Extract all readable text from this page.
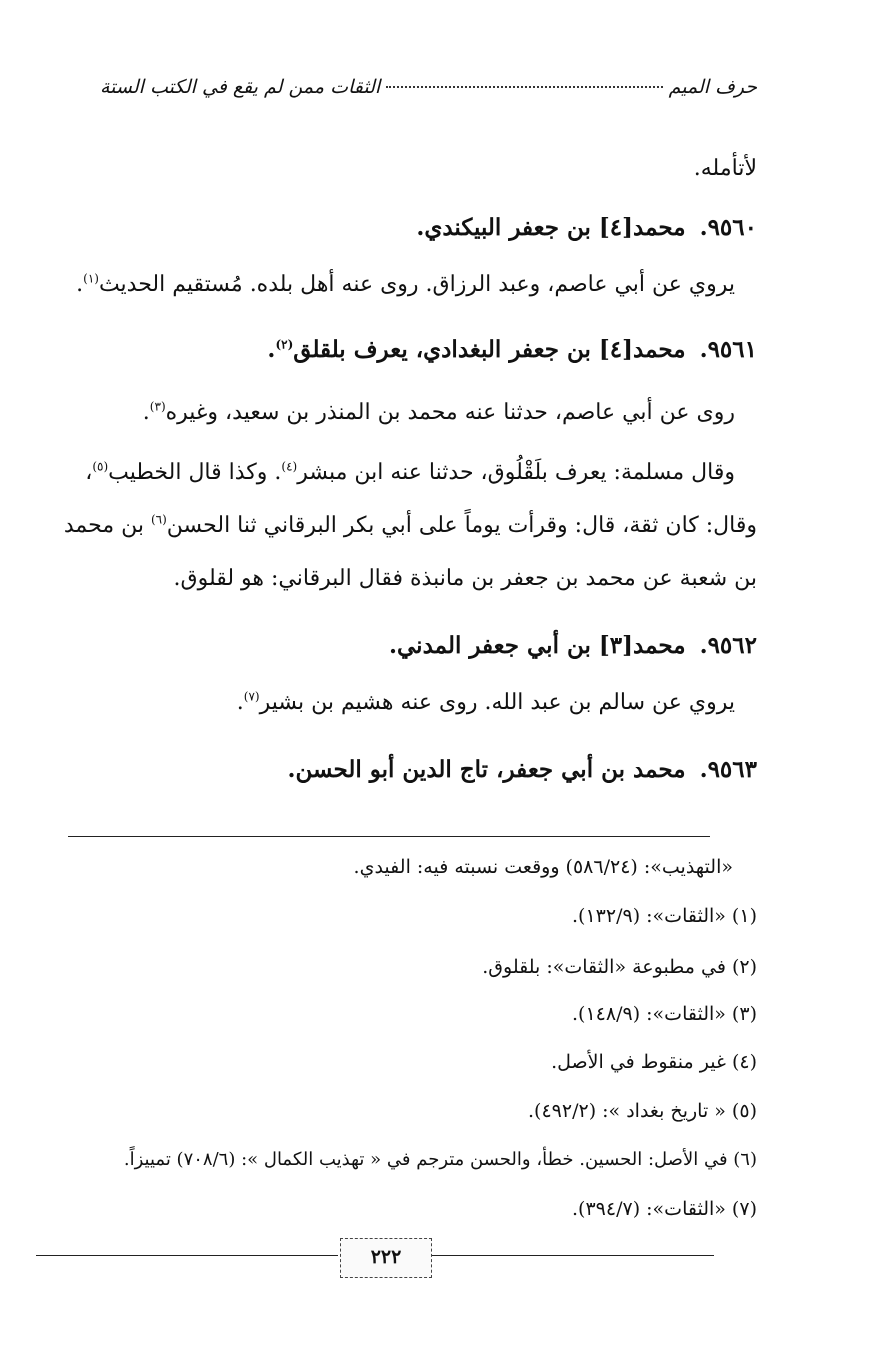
حرف الميم
الثقات ممن لم يقع في الكتب الستة
لأتأمله.
٩٥٦٠.محمد[٤] بن جعفر البيكندي.
يروي عن أبي عاصم، وعبد الرزاق. روى عنه أهل بلده. مُستقيم الحديث$^{(١)}$.
٩٥٦١.محمد[٤] بن جعفر البغدادي، يعرف بلقلق$^{(٢)}$.
روى عن أبي عاصم، حدثنا عنه محمد بن المنذر بن سعيد، وغيره$^{(٣)}$.
وقال مسلمة: يعرف بلَقْلُوق، حدثنا عنه ابن مبشر$^{(٤)}$. وكذا قال الخطيب$^{(٥)}$،
وقال: كان ثقة، قال: وقرأت يوماً على أبي بكر البرقاني ثنا الحسن$^{(٦)}$ بن محمد
بن شعبة عن محمد بن جعفر بن مانبذة فقال البرقاني: هو لقلوق.
٩٥٦٢.محمد[٣] بن أبي جعفر المدني.
يروي عن سالم بن عبد الله. روى عنه هشيم بن بشير$^{(٧)}$.
٩٥٦٣.محمد بن أبي جعفر، تاج الدين أبو الحسن.
«التهذيب»: (٥٨٦/٢٤) ووقعت نسبته فيه: الفيدي.
(١) «الثقات»: (١٣٢/٩).
(٢) في مطبوعة «الثقات»: بلقلوق.
(٣) «الثقات»: (١٤٨/٩).
(٤) غير منقوط في الأصل.
(٥) « تاريخ بغداد »: (٤٩٢/٢).
(٦) في الأصل: الحسين. خطأ، والحسن مترجم في « تهذيب الكمال »: (٧٠٨/٦) تمييزاً.
(٧) «الثقات»: (٣٩٤/٧).
٢٢٢
